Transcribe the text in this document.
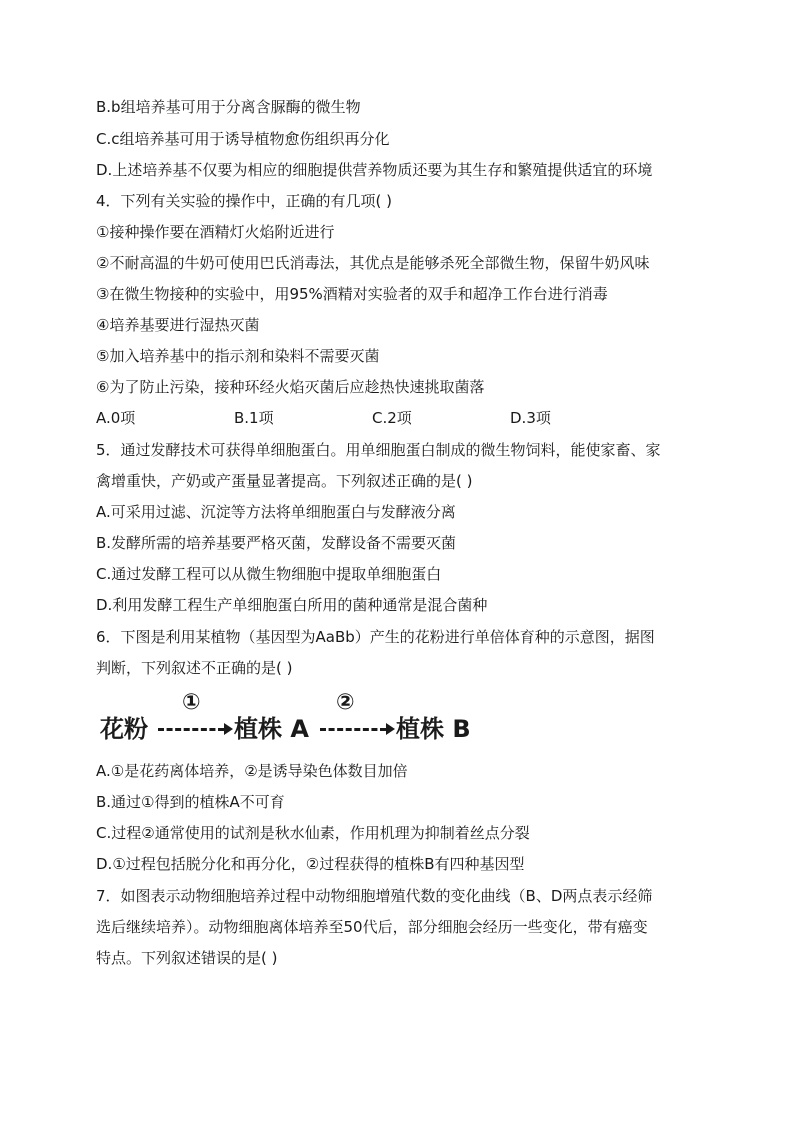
B.b组培养基可用于分离含脲酶的微生物
C.c组培养基可用于诱导植物愈伤组织再分化
D.上述培养基不仅要为相应的细胞提供营养物质还要为其生存和繁殖提供适宜的环境
4．下列有关实验的操作中，正确的有几项( )
①接种操作要在酒精灯火焰附近进行
②不耐高温的牛奶可使用巴氏消毒法，其优点是能够杀死全部微生物，保留牛奶风味
③在微生物接种的实验中，用95%酒精对实验者的双手和超净工作台进行消毒
④培养基要进行湿热灭菌
⑤加入培养基中的指示剂和染料不需要灭菌
⑥为了防止污染，接种环经火焰灭菌后应趁热快速挑取菌落
A.0项	B.1项	C.2项	D.3项
5．通过发酵技术可获得单细胞蛋白。用单细胞蛋白制成的微生物饲料，能使家畜、家
禽增重快，产奶或产蛋量显著提高。下列叙述正确的是( )
A.可采用过滤、沉淀等方法将单细胞蛋白与发酵液分离
B.发酵所需的培养基要严格灭菌，发酵设备不需要灭菌
C.通过发酵工程可以从微生物细胞中提取单细胞蛋白
D.利用发酵工程生产单细胞蛋白所用的菌种通常是混合菌种
6．下图是利用某植物（基因型为AaBb）产生的花粉进行单倍体育种的示意图，据图
判断，下列叙述不正确的是( )
花粉
①
植株 A
②
植株 B
A.①是花药离体培养，②是诱导染色体数目加倍
B.通过①得到的植株A不可育
C.过程②通常使用的试剂是秋水仙素，作用机理为抑制着丝点分裂
D.①过程包括脱分化和再分化，②过程获得的植株B有四种基因型
7．如图表示动物细胞培养过程中动物细胞增殖代数的变化曲线（B、D两点表示经筛
选后继续培养）。动物细胞离体培养至50代后，部分细胞会经历一些变化，带有癌变
特点。下列叙述错误的是( )
